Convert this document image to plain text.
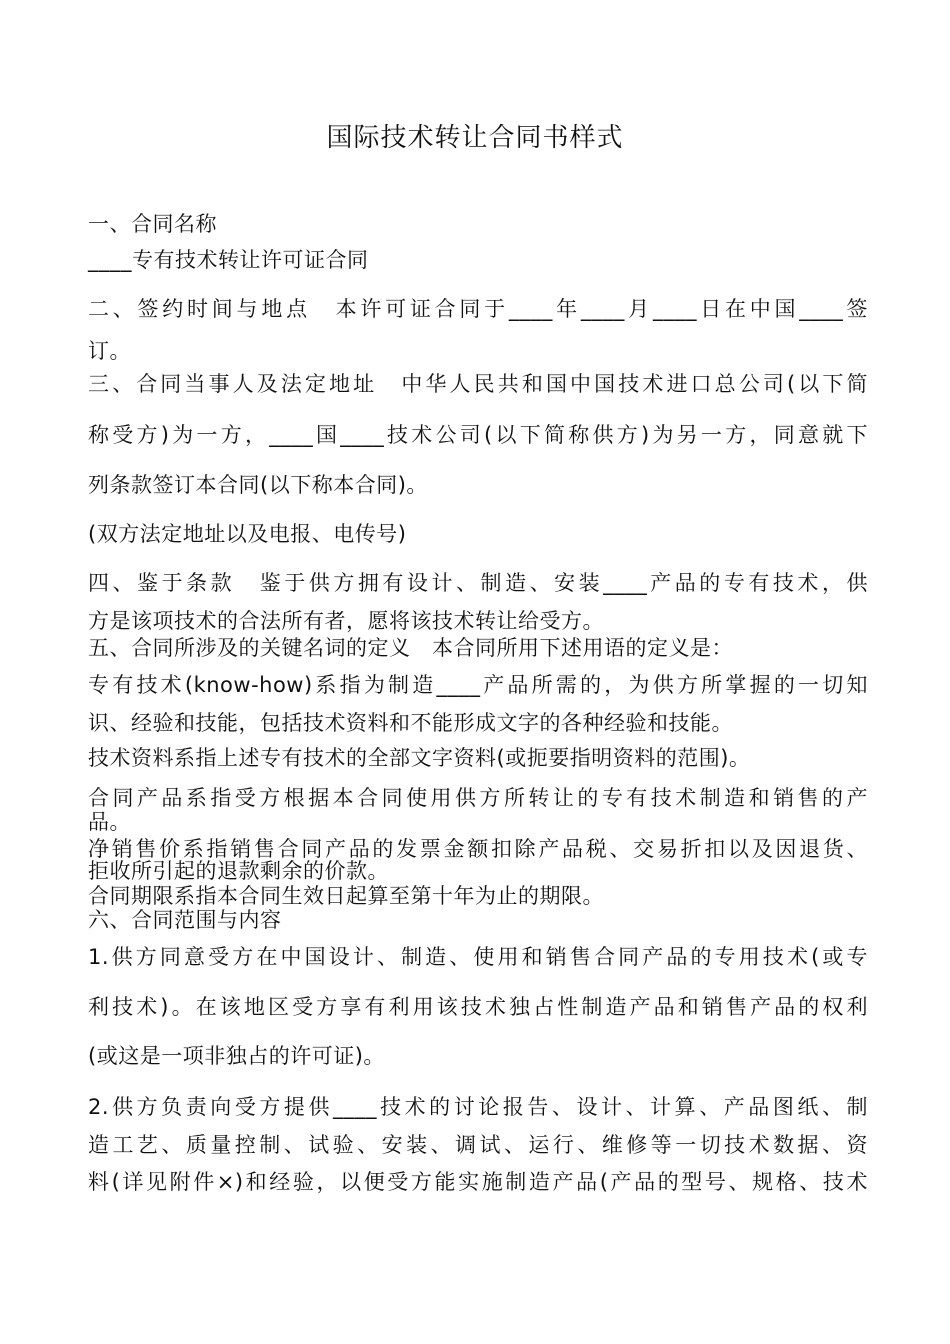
国际技术转让合同书样式
一、合同名称
____专有技术转让许可证合同
二、签约时间与地点　本许可证合同于____年____月____日在中国____签
订。
三、合同当事人及法定地址　中华人民共和国中国技术进口总公司(以下简
称受方)为一方，____国____技术公司(以下简称供方)为另一方，同意就下
列条款签订本合同(以下称本合同)。
(双方法定地址以及电报、电传号)
四、鉴于条款　鉴于供方拥有设计、制造、安装____产品的专有技术，供
方是该项技术的合法所有者，愿将该技术转让给受方。
五、合同所涉及的关键名词的定义　本合同所用下述用语的定义是：
专有技术(know-how)系指为制造____产品所需的，为供方所掌握的一切知
识、经验和技能，包括技术资料和不能形成文字的各种经验和技能。
技术资料系指上述专有技术的全部文字资料(或扼要指明资料的范围)。
合同产品系指受方根据本合同使用供方所转让的专有技术制造和销售的产
品。
净销售价系指销售合同产品的发票金额扣除产品税、交易折扣以及因退货、
拒收所引起的退款剩余的价款。
合同期限系指本合同生效日起算至第十年为止的期限。
六、合同范围与内容
1.供方同意受方在中国设计、制造、使用和销售合同产品的专用技术(或专
利技术)。在该地区受方享有利用该技术独占性制造产品和销售产品的权利
(或这是一项非独占的许可证)。
2.供方负责向受方提供____技术的讨论报告、设计、计算、产品图纸、制
造工艺、质量控制、试验、安装、调试、运行、维修等一切技术数据、资
料(详见附件×)和经验，以便受方能实施制造产品(产品的型号、规格、技术
